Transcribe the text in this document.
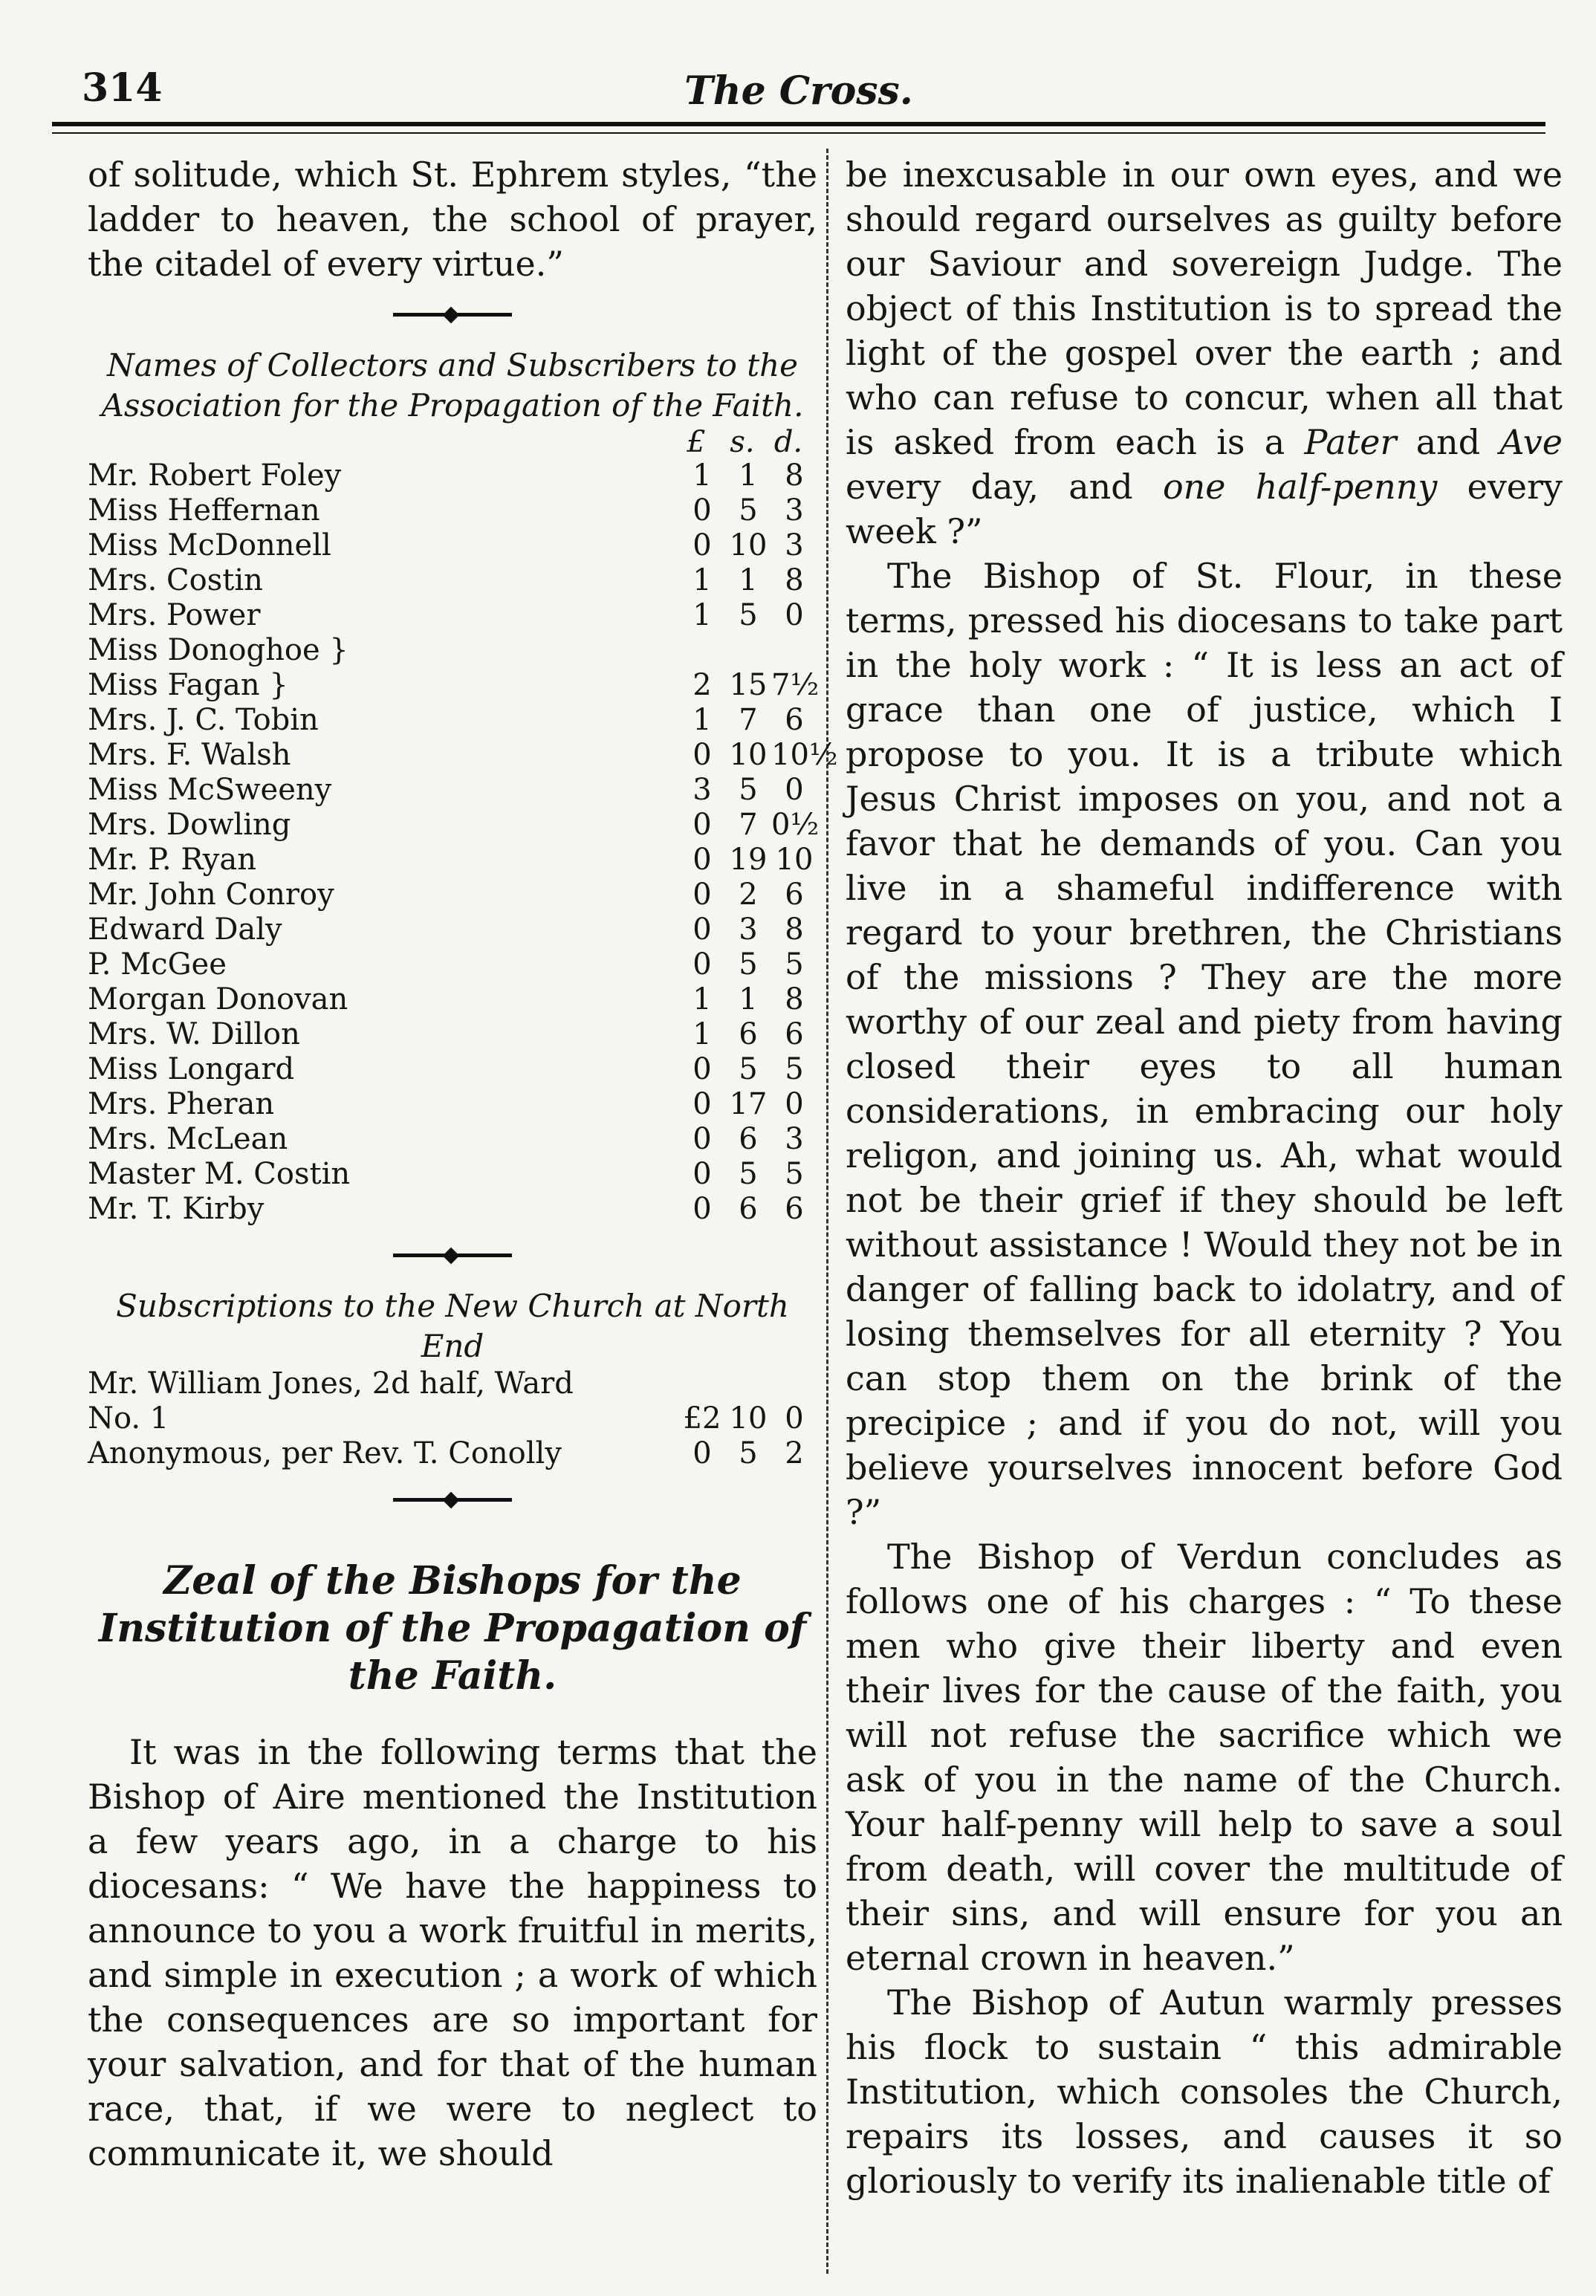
314	The Cross.

of solitude, which St. Ephrem styles, “the ladder to heaven, the school of prayer, the citadel of every virtue.”

Names of Collectors and Subscribers to the Association for the Propagation of the Faith.
£ s. d.
Mr. Robert Foley	1 1 8
Miss Heffernan	0 5 3
Miss McDonnell	0 10 3
Mrs. Costin	1 1 8
Mrs. Power	1 5 0
Miss Donoghoe }
Miss Fagan }	2 15 7½
Mrs. J. C. Tobin	1 7 6
Mrs. F. Walsh	0 10 10½
Miss McSweeny	3 5 0
Mrs. Dowling	0 7 0½
Mr. P. Ryan	0 19 10
Mr. John Conroy	0 2 6
Edward Daly	0 3 8
P. McGee	0 5 5
Morgan Donovan	1 1 8
Mrs. W. Dillon	1 6 6
Miss Longard	0 5 5
Mrs. Pheran	0 17 0
Mrs. McLean	0 6 3
Master M. Costin	0 5 5
Mr. T. Kirby	0 6 6
Subscriptions to the New Church at North End
Mr. William Jones, 2d half, Ward
No. 1	£2 10 0
Anonymous, per Rev. T. Conolly	0 5 2
Zeal of the Bishops for the Institution of the Propagation of the Faith.

It was in the following terms that the Bishop of Aire mentioned the Institution a few years ago, in a charge to his diocesans: “ We have the happiness to announce to you a work fruitful in merits, and simple in execution ; a work of which the consequences are so important for your salvation, and for that of the human race, that, if we were to neglect to communicate it, we should

be inexcusable in our own eyes, and we should regard ourselves as guilty before our Saviour and sovereign Judge. The object of this Institution is to spread the light of the gospel over the earth ; and who can refuse to concur, when all that is asked from each is a Pater and Ave every day, and one half-penny every week ?”

The Bishop of St. Flour, in these terms, pressed his diocesans to take part in the holy work : “ It is less an act of grace than one of justice, which I propose to you. It is a tribute which Jesus Christ imposes on you, and not a favor that he demands of you. Can you live in a shameful indifference with regard to your brethren, the Christians of the missions ? They are the more worthy of our zeal and piety from having closed their eyes to all human considerations, in embracing our holy religon, and joining us. Ah, what would not be their grief if they should be left without assistance ! Would they not be in danger of falling back to idolatry, and of losing themselves for all eternity ? You can stop them on the brink of the precipice ; and if you do not, will you believe yourselves innocent before God ?”

The Bishop of Verdun concludes as follows one of his charges : “ To these men who give their liberty and even their lives for the cause of the faith, you will not refuse the sacrifice which we ask of you in the name of the Church. Your half-penny will help to save a soul from death, will cover the multitude of their sins, and will ensure for you an eternal crown in heaven.”

The Bishop of Autun warmly presses his flock to sustain “ this admirable Institution, which consoles the Church, repairs its losses, and causes it so gloriously to verify its inalienable title of
